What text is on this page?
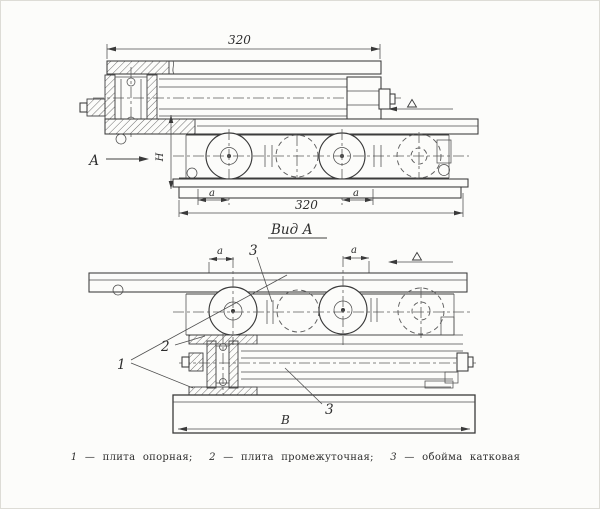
320
Н
А
a	a
320
Вид А
a	a
В
1
2
3
3
1 — плита опорная; 2 — плита промежуточная; 3 — обойма катковая
